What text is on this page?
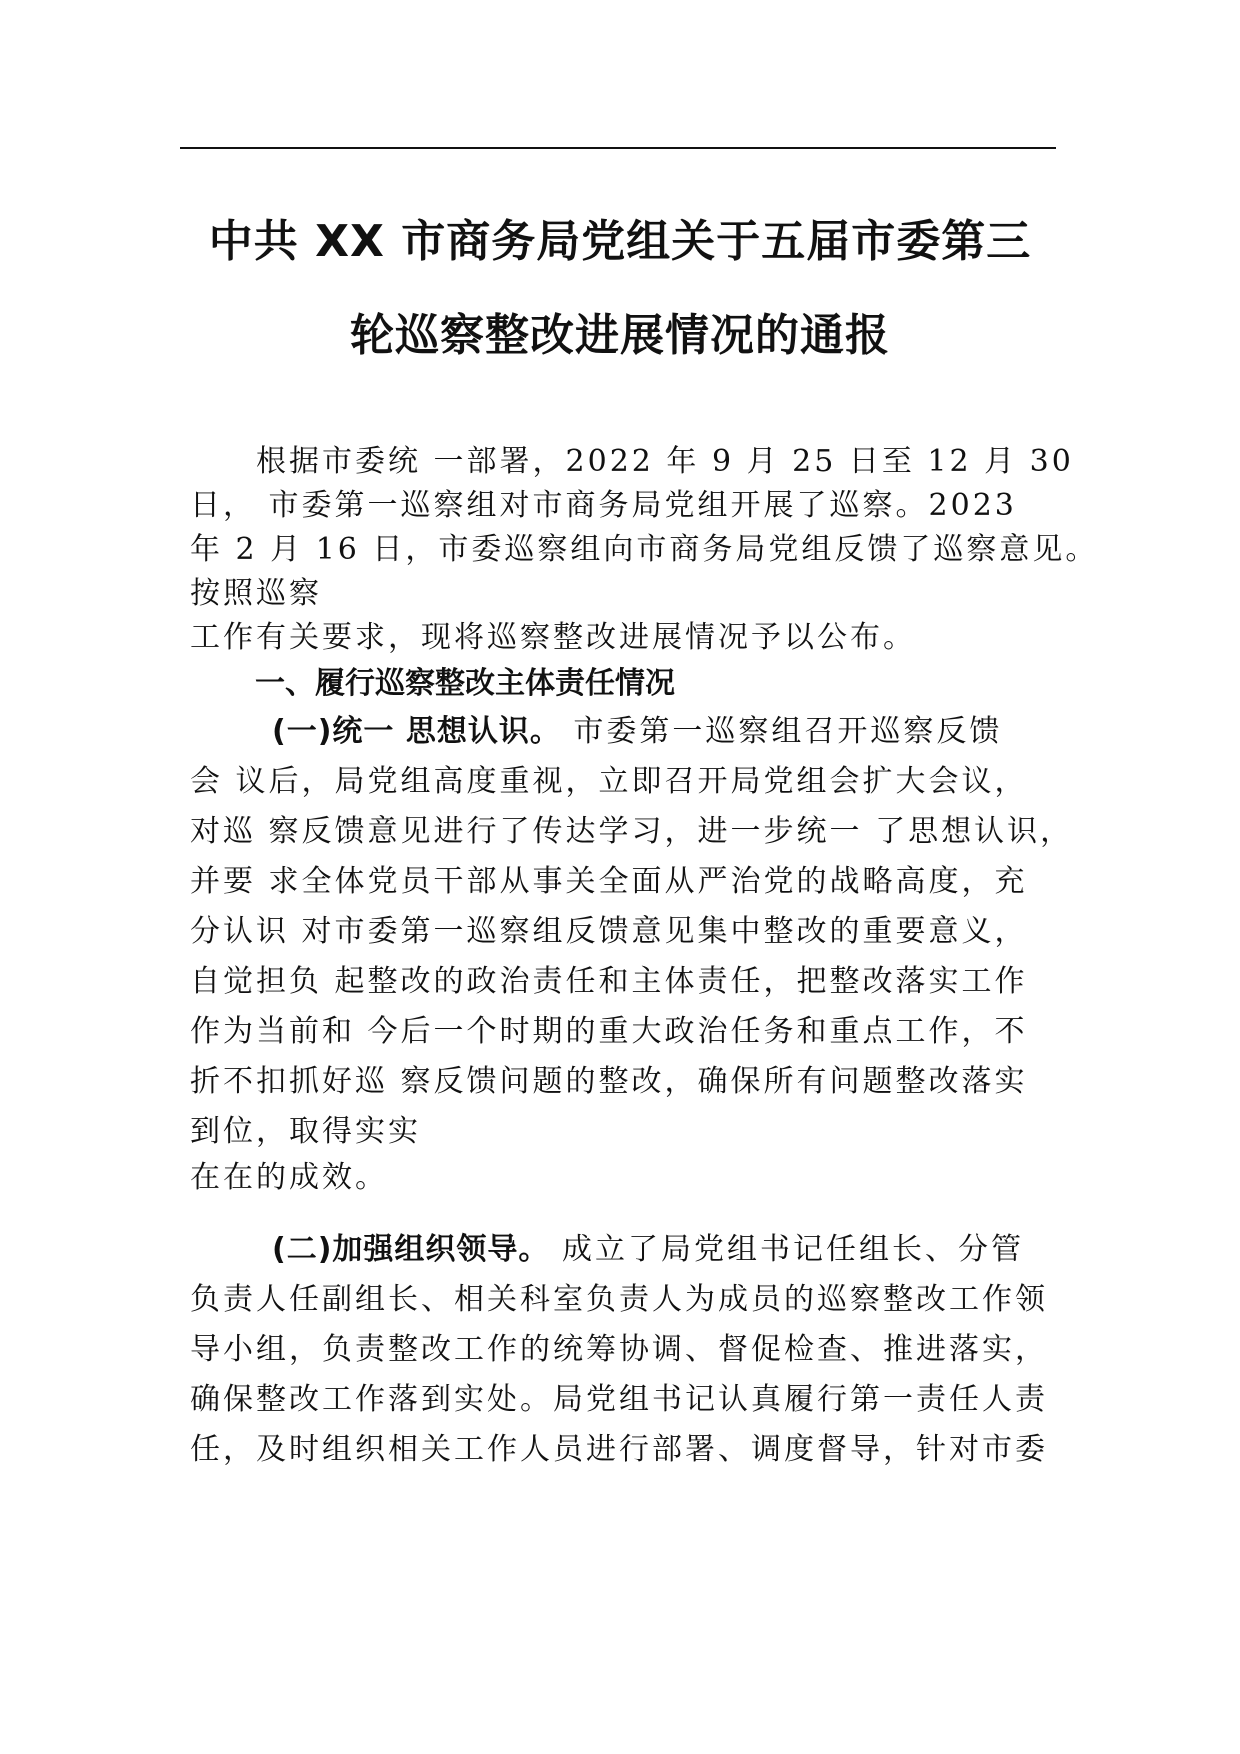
中共 XX 市商务局党组关于五届市委第三
轮巡察整改进展情况的通报

　　根据市委统 一部署，2022 年 9 月 25 日至 12 月 30

日， 市委第一巡察组对市商务局党组开展了巡察。2023

年 2 月 16 日，市委巡察组向市商务局党组反馈了巡察意见。

按照巡察

工作有关要求，现将巡察整改进展情况予以公布。

一、履行巡察整改主体责任情况

(一)统一 思想认识。 市委第一巡察组召开巡察反馈

会 议后，局党组高度重视，立即召开局党组会扩大会议，

对巡 察反馈意见进行了传达学习，进一步统一 了思想认识，

并要 求全体党员干部从事关全面从严治党的战略高度，充

分认识 对市委第一巡察组反馈意见集中整改的重要意义，

自觉担负 起整改的政治责任和主体责任，把整改落实工作

作为当前和 今后一个时期的重大政治任务和重点工作，不

折不扣抓好巡 察反馈问题的整改，确保所有问题整改落实

到位，取得实实

在在的成效。

(二)加强组织领导。 成立了局党组书记任组长、分管

负责人任副组长、相关科室负责人为成员的巡察整改工作领

导小组，负责整改工作的统筹协调、督促检查、推进落实，

确保整改工作落到实处。局党组书记认真履行第一责任人责

任，及时组织相关工作人员进行部署、调度督导，针对市委
